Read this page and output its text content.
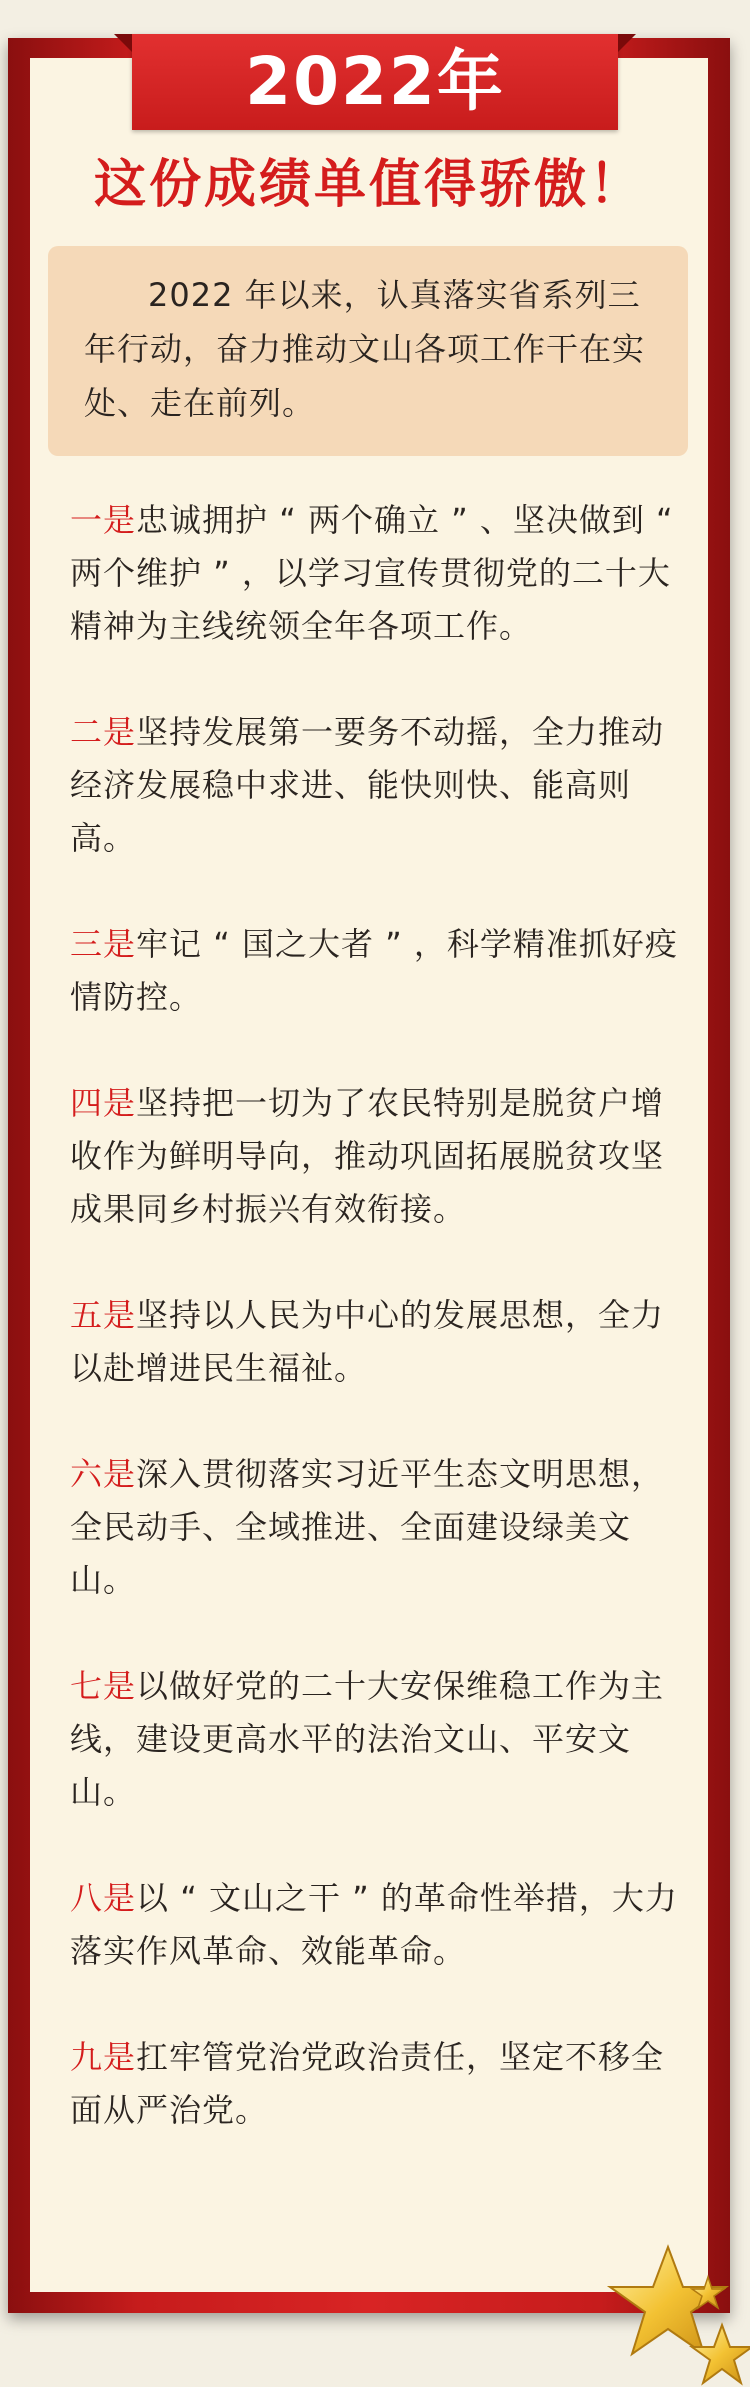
2022年
这份成绩单值得骄傲！
2022 年以来，认真落实省系列三年行动，奋力推动文山各项工作干在实处、走在前列。
一是忠诚拥护 “ 两个确立 ” 、坚决做到 “ 两个维护 ” ，以学习宣传贯彻党的二十大精神为主线统领全年各项工作。
二是坚持发展第一要务不动摇，全力推动经济发展稳中求进、能快则快、能高则高。
三是牢记 “ 国之大者 ” ，科学精准抓好疫情防控。
四是坚持把一切为了农民特别是脱贫户增收作为鲜明导向，推动巩固拓展脱贫攻坚成果同乡村振兴有效衔接。
五是坚持以人民为中心的发展思想，全力以赴增进民生福祉。
六是深入贯彻落实习近平生态文明思想，全民动手、全域推进、全面建设绿美文山。
七是以做好党的二十大安保维稳工作为主线，建设更高水平的法治文山、平安文山。
八是以 “ 文山之干 ” 的革命性举措，大力落实作风革命、效能革命。
九是扛牢管党治党政治责任，坚定不移全面从严治党。
